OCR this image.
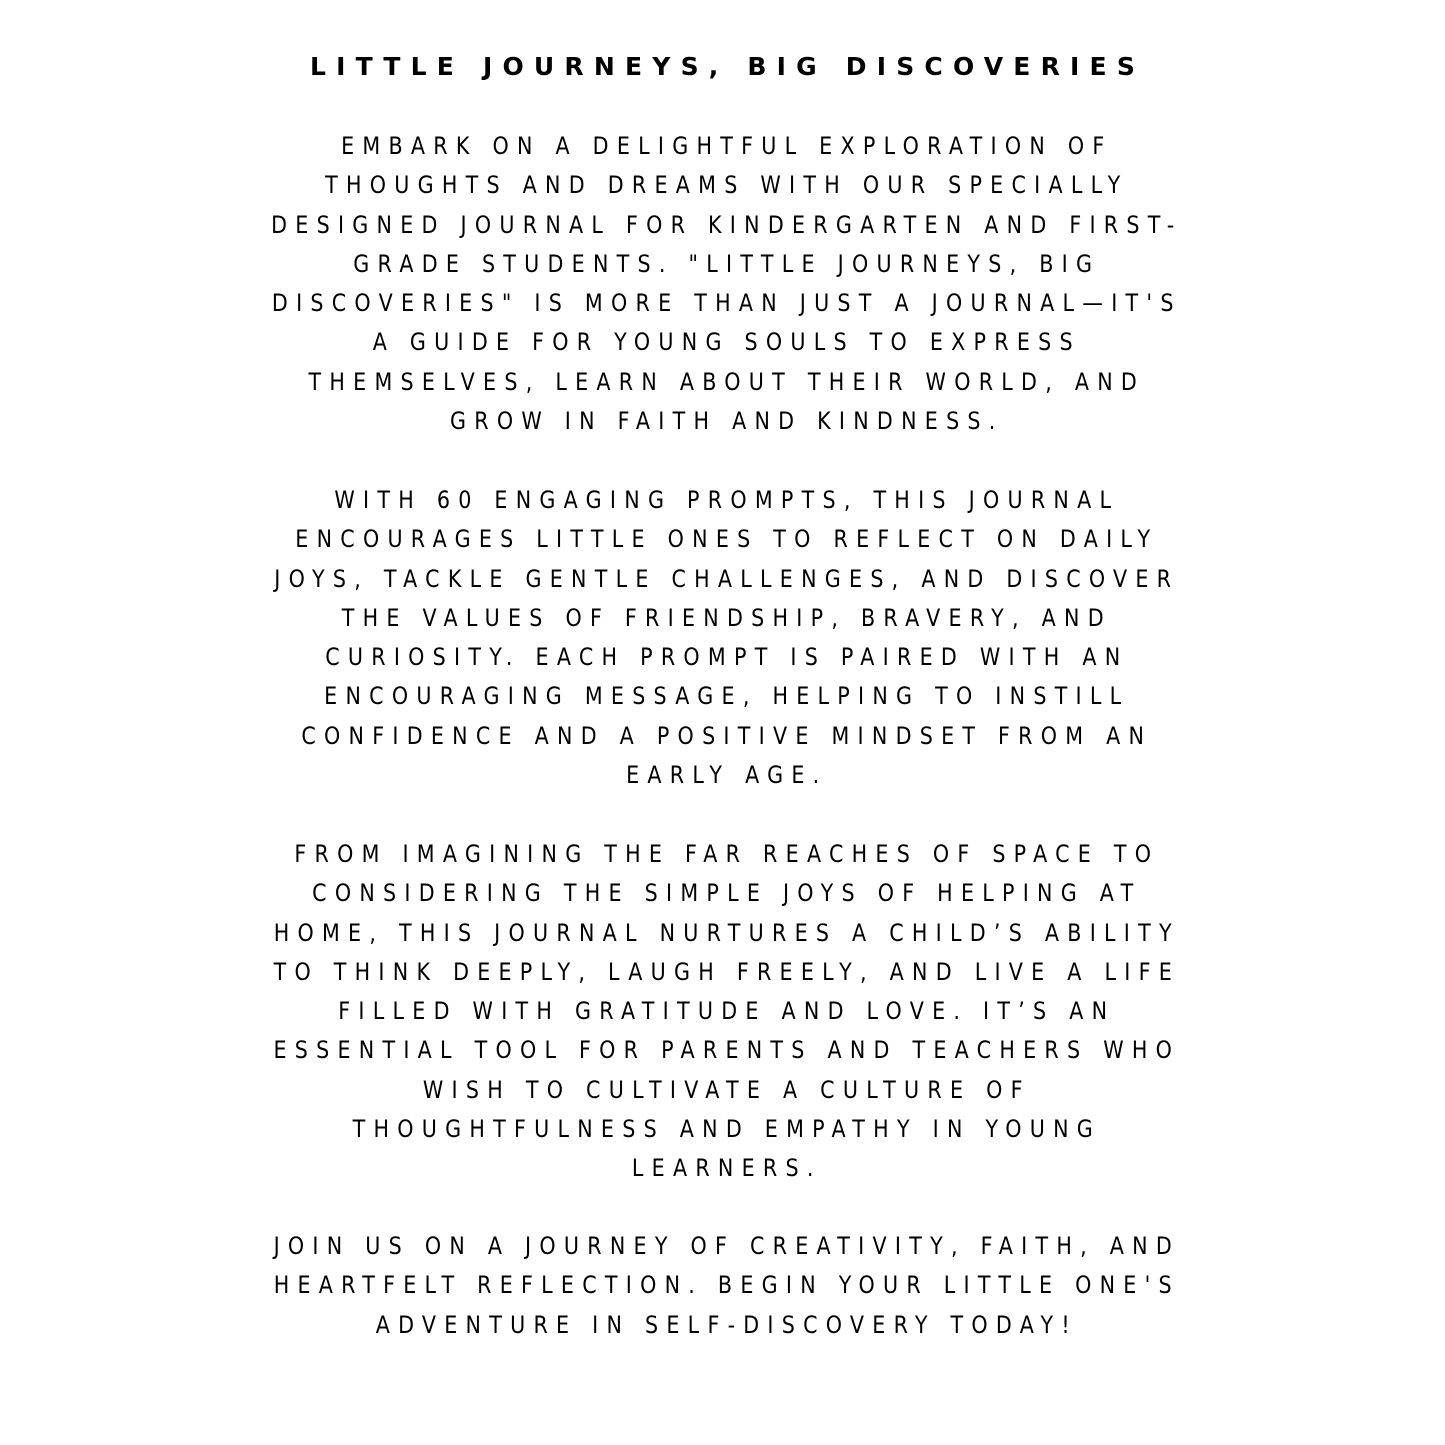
LITTLE JOURNEYS, BIG DISCOVERIES
EMBARK ON A DELIGHTFUL EXPLORATION OF
THOUGHTS AND DREAMS WITH OUR SPECIALLY
DESIGNED JOURNAL FOR KINDERGARTEN AND FIRST-
GRADE STUDENTS. "LITTLE JOURNEYS, BIG
DISCOVERIES" IS MORE THAN JUST A JOURNAL—IT'S
A GUIDE FOR YOUNG SOULS TO EXPRESS
THEMSELVES, LEARN ABOUT THEIR WORLD, AND
GROW IN FAITH AND KINDNESS.
WITH 60 ENGAGING PROMPTS, THIS JOURNAL
ENCOURAGES LITTLE ONES TO REFLECT ON DAILY
JOYS, TACKLE GENTLE CHALLENGES, AND DISCOVER
THE VALUES OF FRIENDSHIP, BRAVERY, AND
CURIOSITY. EACH PROMPT IS PAIRED WITH AN
ENCOURAGING MESSAGE, HELPING TO INSTILL
CONFIDENCE AND A POSITIVE MINDSET FROM AN
EARLY AGE.
FROM IMAGINING THE FAR REACHES OF SPACE TO
CONSIDERING THE SIMPLE JOYS OF HELPING AT
HOME, THIS JOURNAL NURTURES A CHILD’S ABILITY
TO THINK DEEPLY, LAUGH FREELY, AND LIVE A LIFE
FILLED WITH GRATITUDE AND LOVE. IT’S AN
ESSENTIAL TOOL FOR PARENTS AND TEACHERS WHO
WISH TO CULTIVATE A CULTURE OF
THOUGHTFULNESS AND EMPATHY IN YOUNG
LEARNERS.
JOIN US ON A JOURNEY OF CREATIVITY, FAITH, AND
HEARTFELT REFLECTION. BEGIN YOUR LITTLE ONE'S
ADVENTURE IN SELF-DISCOVERY TODAY!
